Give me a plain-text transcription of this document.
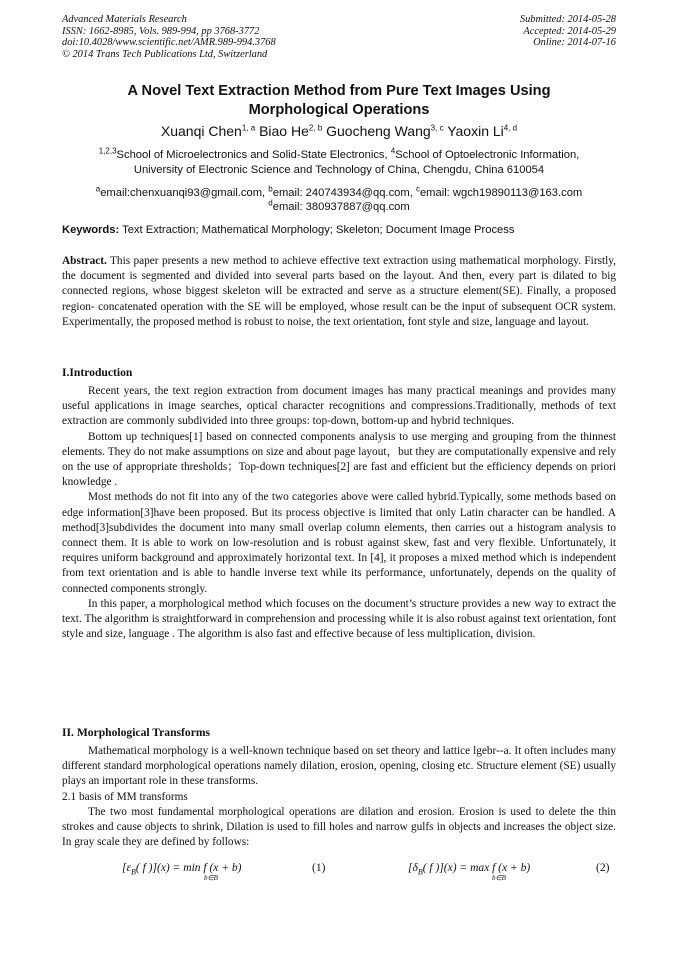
Advanced Materials Research
ISSN: 1662-8985, Vols. 989-994, pp 3768-3772
doi:10.4028/www.scientific.net/AMR.989-994.3768
© 2014 Trans Tech Publications Ltd, Switzerland
Submitted: 2014-05-28
Accepted: 2014-05-29
Online: 2014-07-16
A Novel Text Extraction Method from Pure Text Images Using
Morphological Operations
Xuanqi Chen$^{1, a}$ Biao He$^{2, b}$ Guocheng Wang$^{3, c}$ Yaoxin Li$^{4, d}$
$^{1,2,3}$School of Microelectronics and Solid-State Electronics, $^4$School of Optoelectronic Information,
University of Electronic Science and Technology of China, Chengdu, China 610054
$^a$email:chenxuanqi93@gmail.com, $^b$email: 240743934@qq.com, $^c$email: wgch19890113@163.com
$^d$email: 380937887@qq.com
Keywords: Text Extraction; Mathematical Morphology; Skeleton; Document Image Process

Abstract. This paper presents a new method to achieve effective text extraction using mathematical morphology. Firstly, the document is segmented and divided into several parts based on the layout. And then, every part is dilated to big connected regions, whose biggest skeleton will be extracted and serve as a structure element(SE). Finally, a proposed region- concatenated operation with the SE will be employed, whose result can be the input of subsequent OCR system. Experimentally, the proposed method is robust to noise, the text orientation, font style and size, language and layout.

I.Introduction

Recent years, the text region extraction from document images has many practical meanings and provides many useful applications in image searches, optical character recognitions and compressions.Traditionally, methods of text extraction are commonly subdivided into three groups: top-down, bottom-up and hybrid techniques.

Bottom up techniques[1] based on connected components analysis to use merging and grouping from the thinnest elements. They do not make assumptions on size and about page layout，but they are computationally expensive and rely on the use of appropriate thresholds；Top-down techniques[2] are fast and efficient but the efficiency depends on priori knowledge .

Most methods do not fit into any of the two categories above were called hybrid.Typically, some methods based on edge information[3]have been proposed. But its process objective is limited that only Latin character can be handled. A method[3]subdivides the document into many small overlap column elements, then carries out a histogram analysis to connect them. It is able to work on low-resolution and is robust against skew, fast and very flexible. Unfortunately, it requires uniform background and approximately horizontal text. In [4], it proposes a mixed method which is independent from text orientation and is able to handle inverse text while its performance, unfortunately, depends on the quality of connected components strongly.

In this paper, a morphological method which focuses on the document’s structure provides a new way to extract the text. The algorithm is straightforward in comprehension and processing while it is also robust against text orientation, font style and size, language . The algorithm is also fast and effective because of less multiplication, division.

II. Morphological Transforms

Mathematical morphology is a well-known technique based on set theory and lattice lgebr--a. It often includes many different standard morphological operations namely dilation, erosion, opening, closing etc. Structure element (SE) usually plays an important role in these transforms.

2.1 basis of MM transforms

The two most fundamental morphological operations are dilation and erosion. Erosion is used to delete the thin strokes and cause objects to shrink, Dilation is used to fill holes and narrow gulfs in objects and increases the object size. In gray scale they are defined by follows:

[$\varepsilon_B$( f )](x) = min f (x + b)
b∈B
(1)	[$\delta_B$( f )](x) = max f (x + b)
b∈B
(2)
